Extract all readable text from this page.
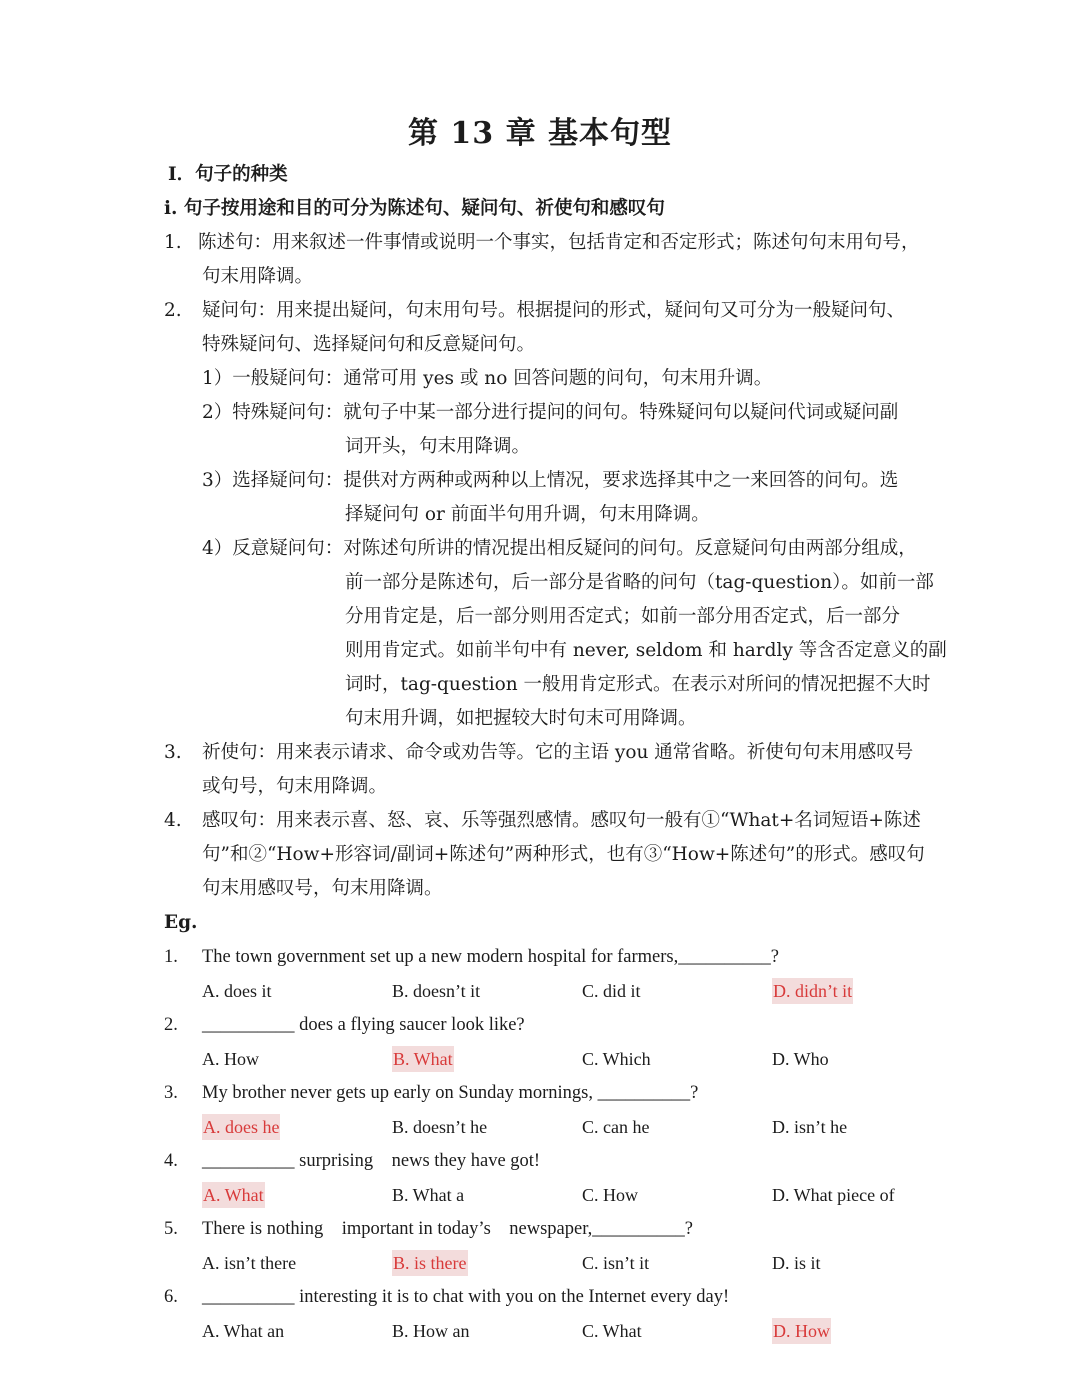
第 13 章 基本句型
Ⅰ．句子的种类
i. 句子按用途和目的可分为陈述句、疑问句、祈使句和感叹句
1. 陈述句：用来叙述一件事情或说明一个事实，包括肯定和否定形式；陈述句句末用句号，
句末用降调。
2. 疑问句：用来提出疑问，句末用句号。根据提问的形式，疑问句又可分为一般疑问句、
特殊疑问句、选择疑问句和反意疑问句。
1）一般疑问句：通常可用 yes 或 no 回答问题的问句，句末用升调。
2）特殊疑问句：就句子中某一部分进行提问的问句。特殊疑问句以疑问代词或疑问副
词开头，句末用降调。
3）选择疑问句：提供对方两种或两种以上情况，要求选择其中之一来回答的问句。选
择疑问句 or 前面半句用升调，句末用降调。
4）反意疑问句：对陈述句所讲的情况提出相反疑问的问句。反意疑问句由两部分组成，
前一部分是陈述句，后一部分是省略的问句（tag-question）。如前一部
分用肯定是，后一部分则用否定式；如前一部分用否定式，后一部分
则用肯定式。如前半句中有 never, seldom 和 hardly 等含否定意义的副
词时，tag-question 一般用肯定形式。在表示对所问的情况把握不大时
句末用升调，如把握较大时句末可用降调。
3. 祈使句：用来表示请求、命令或劝告等。它的主语 you 通常省略。祈使句句末用感叹号
或句号，句末用降调。
4. 感叹句：用来表示喜、怒、哀、乐等强烈感情。感叹句一般有①“What+名词短语+陈述
句”和②“How+形容词/副词+陈述句”两种形式，也有③“How+陈述句”的形式。感叹句
句末用感叹号，句末用降调。
Eg.
1. The town government set up a new modern hospital for farmers,__________?
A. does it	B. doesn’t it	C. did it	D. didn’t it
2. __________ does a flying saucer look like?
A. How	B. What	C. Which	D. Who
3. My brother never gets up early on Sunday mornings, __________?
A. does he	B. doesn’t he	C. can he	D. isn’t he
4. __________ surprising    news they have got!
A. What	B. What a	C. How	D. What piece of
5. There is nothing    important in today’s    newspaper,__________?
A. isn’t there	B. is there	C. isn’t it	D. is it
6. __________ interesting it is to chat with you on the Internet every day!
A. What an	B. How an	C. What	D. How
